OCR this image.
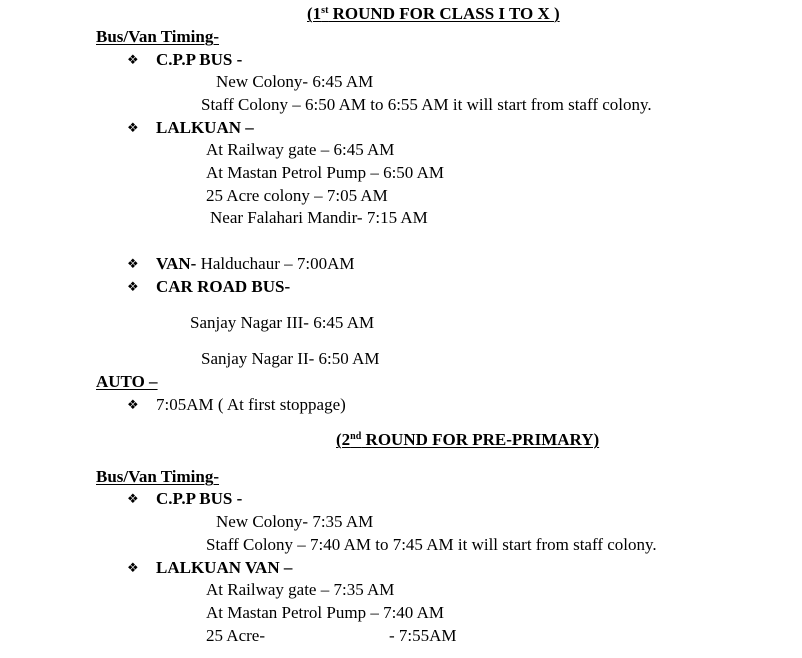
(1st ROUND FOR CLASS I TO X )
Bus/Van Timing-
❖ C.P.P BUS -
New Colony- 6:45 AM
Staff Colony – 6:50 AM to 6:55 AM it will start from staff colony.
❖ LALKUAN –
At Railway gate – 6:45 AM
At Mastan Petrol Pump – 6:50 AM
25 Acre colony – 7:05 AM
Near Falahari Mandir- 7:15 AM
❖ VAN- Halduchaur – 7:00AM
❖ CAR ROAD BUS-
Sanjay Nagar III- 6:45 AM
Sanjay Nagar II- 6:50 AM
AUTO –
❖ 7:05AM ( At first stoppage)
(2nd ROUND FOR PRE-PRIMARY)
Bus/Van Timing-
❖ C.P.P BUS -
New Colony- 7:35 AM
Staff Colony – 7:40 AM to 7:45 AM it will start from staff colony.
❖ LALKUAN VAN –
At Railway gate – 7:35 AM
At Mastan Petrol Pump – 7:40 AM
25 Acre-	- 7:55AM
